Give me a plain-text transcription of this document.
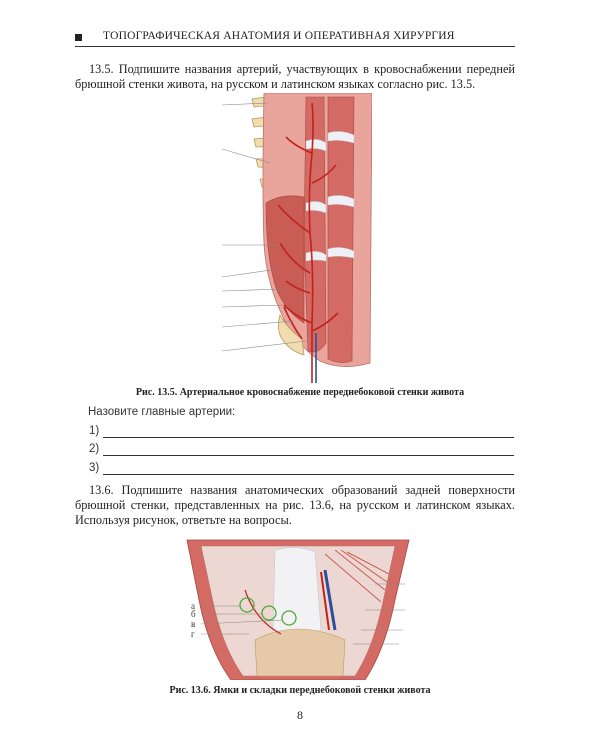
ТОПОГРАФИЧЕСКАЯ АНАТОМИЯ И ОПЕРАТИВНАЯ ХИРУРГИЯ

13.5. Подпишите названия артерий, участвующих в кровоснабжении передней брюшной стенки живота, на русском и латинском языках согласно рис. 13.5.

Рис. 13.5. Артериальное кровоснабжение переднебоковой стенки живота
Назовите главные артерии:
1)
2)
3)

13.6. Подпишите названия анатомических образований задней поверхности брюшной стенки, представленных на рис. 13.6, на русском и латинском языках. Используя рисунок, ответьте на вопросы.

а
б
в
г
Рис. 13.6. Ямки и складки переднебоковой стенки живота
8
